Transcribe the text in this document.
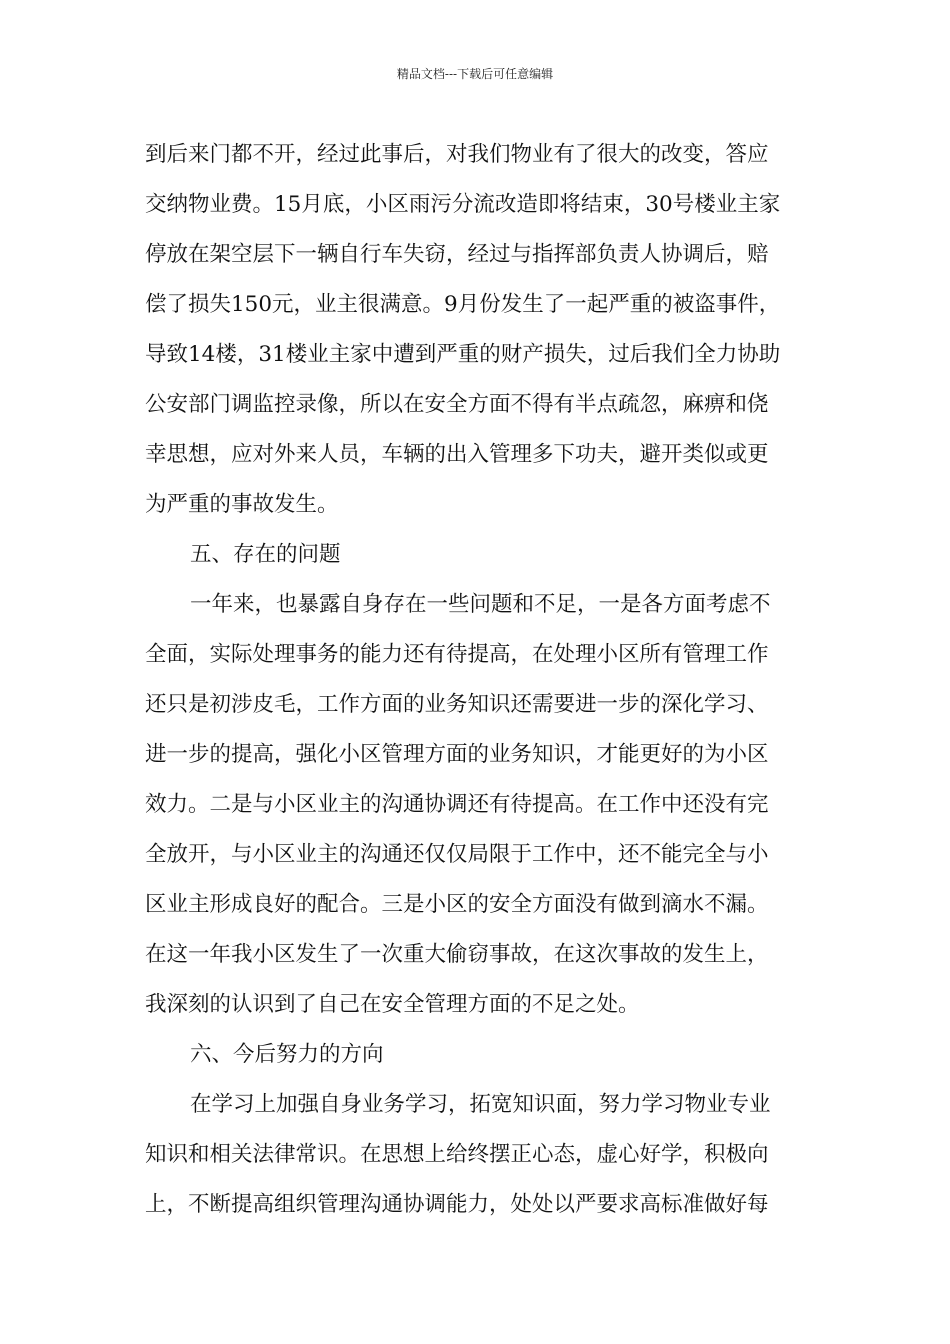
精品文档---下载后可任意编辑
到后来门都不开，经过此事后，对我们物业有了很大的改变，答应
交纳物业费。15月底，小区雨污分流改造即将结束，30号楼业主家
停放在架空层下一辆自行车失窃，经过与指挥部负责人协调后，赔
偿了损失150元，业主很满意。9月份发生了一起严重的被盗事件，
导致14楼，31楼业主家中遭到严重的财产损失，过后我们全力协助
公安部门调监控录像，所以在安全方面不得有半点疏忽，麻痹和侥
幸思想，应对外来人员，车辆的出入管理多下功夫，避开类似或更
为严重的事故发生。
五、存在的问题
一年来，也暴露自身存在一些问题和不足，一是各方面考虑不
全面，实际处理事务的能力还有待提高，在处理小区所有管理工作
还只是初涉皮毛，工作方面的业务知识还需要进一步的深化学习、
进一步的提高，强化小区管理方面的业务知识，才能更好的为小区
效力。二是与小区业主的沟通协调还有待提高。在工作中还没有完
全放开，与小区业主的沟通还仅仅局限于工作中，还不能完全与小
区业主形成良好的配合。三是小区的安全方面没有做到滴水不漏。
在这一年我小区发生了一次重大偷窃事故，在这次事故的发生上，
我深刻的认识到了自己在安全管理方面的不足之处。
六、今后努力的方向
在学习上加强自身业务学习，拓宽知识面，努力学习物业专业
知识和相关法律常识。在思想上给终摆正心态，虚心好学，积极向
上，不断提高组织管理沟通协调能力，处处以严要求高标准做好每
